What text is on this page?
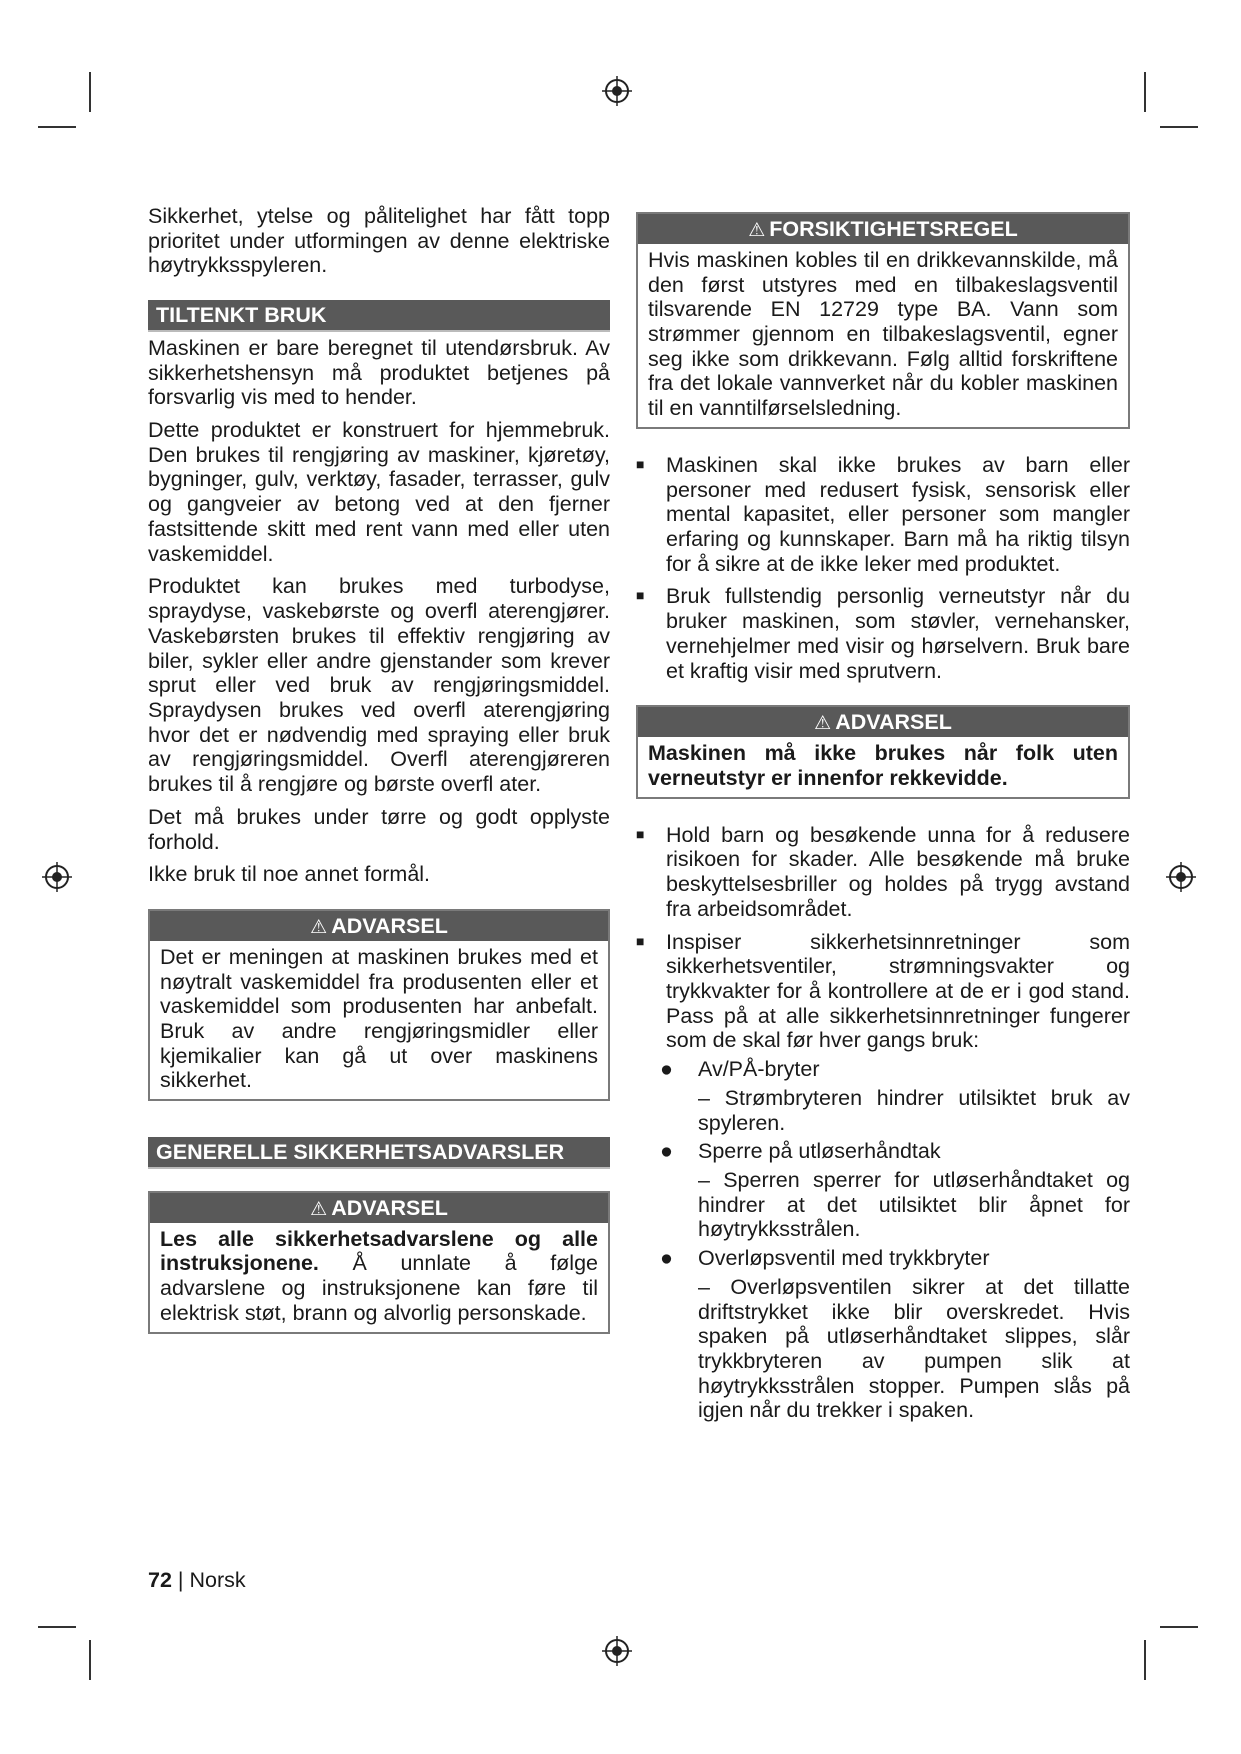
Sikkerhet, ytelse og pålitelighet har fått topp prioritet under utformingen av denne elektriske høytrykksspyleren.

TILTENKT BRUK

Maskinen er bare beregnet til utendørsbruk. Av sikkerhetshensyn må produktet betjenes på forsvarlig vis med to hender.

Dette produktet er konstruert for hjemmebruk. Den brukes til rengjøring av maskiner, kjøretøy, bygninger, gulv, verktøy, fasader, terrasser, gulv og gangveier av betong ved at den fjerner fastsittende skitt med rent vann med eller uten vaskemiddel.

Produktet kan brukes med turbodyse, spraydyse, vaskebørste og overfl aterengjører. Vaskebørsten brukes til effektiv rengjøring av biler, sykler eller andre gjenstander som krever sprut eller ved bruk av rengjøringsmiddel. Spraydysen brukes ved overfl aterengjøring hvor det er nødvendig med spraying eller bruk av rengjøringsmiddel. Overfl aterengjøreren brukes til å rengjøre og børste overfl ater.

Det må brukes under tørre og godt opplyste forhold.

Ikke bruk til noe annet formål.

⚠ ADVARSEL
Det er meningen at maskinen brukes med et nøytralt vaskemiddel fra produsenten eller et vaskemiddel som produsenten har anbefalt. Bruk av andre rengjøringsmidler eller kjemikalier kan gå ut over maskinens sikkerhet.
GENERELLE SIKKERHETSADVARSLER
⚠ ADVARSEL
Les alle sikkerhetsadvarslene og alle instruksjonene. Å unnlate å følge advarslene og instruksjonene kan føre til elektrisk støt, brann og alvorlig personskade.
⚠ FORSIKTIGHETSREGEL
Hvis maskinen kobles til en drikkevannskilde, må den først utstyres med en tilbakeslagsventil tilsvarende EN 12729 type BA. Vann som strømmer gjennom en tilbakeslagsventil, egner seg ikke som drikkevann. Følg alltid forskriftene fra det lokale vannverket når du kobler maskinen til en vanntilførselsledning.
■	Maskinen skal ikke brukes av barn eller personer med redusert fysisk, sensorisk eller mental kapasitet, eller personer som mangler erfaring og kunnskaper. Barn må ha riktig tilsyn for å sikre at de ikke leker med produktet.
■	Bruk fullstendig personlig verneutstyr når du bruker maskinen, som støvler, vernehansker, vernehjelmer med visir og hørselvern. Bruk bare et kraftig visir med sprutvern.
⚠ ADVARSEL
Maskinen må ikke brukes når folk uten verneutstyr er innenfor rekkevidde.
■	Hold barn og besøkende unna for å redusere risikoen for skader. Alle besøkende må bruke beskyttelsesbriller og holdes på trygg avstand fra arbeidsområdet.
■	Inspiser sikkerhetsinnretninger som sikkerhetsventiler, strømningsvakter og trykkvakter for å kontrollere at de er i god stand. Pass på at alle sikkerhetsinnretninger fungerer som de skal før hver gangs bruk:
●	Av/PÅ-bryter
– Strømbryteren hindrer utilsiktet bruk av spyleren.
●	Sperre på utløserhåndtak
– Sperren sperrer for utløserhåndtaket og hindrer at det utilsiktet blir åpnet for høytrykksstrålen.
●	Overløpsventil med trykkbryter
– Overløpsventilen sikrer at det tillatte driftstrykket ikke blir overskredet. Hvis spaken på utløserhåndtaket slippes, slår trykkbryteren av pumpen slik at høytrykksstrålen stopper. Pumpen slås på igjen når du trekker i spaken.
72 | Norsk
